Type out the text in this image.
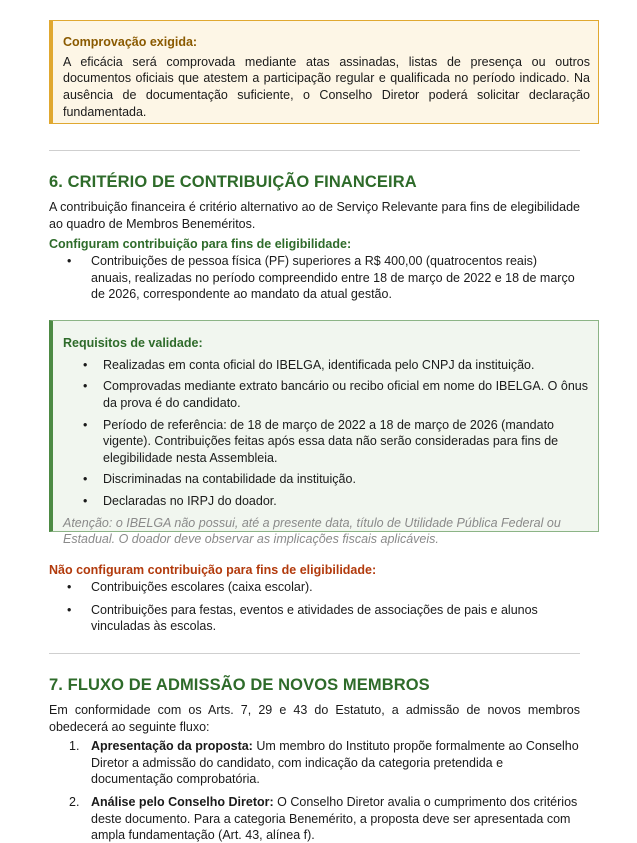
Comprovação exigida:
A eficácia será comprovada mediante atas assinadas, listas de presença ou outros documentos oficiais que atestem a participação regular e qualificada no período indicado. Na ausência de documentação suficiente, o Conselho Diretor poderá solicitar declaração fundamentada.
6. CRITÉRIO DE CONTRIBUIÇÃO FINANCEIRA
A contribuição financeira é critério alternativo ao de Serviço Relevante para fins de elegibilidade ao quadro de Membros Beneméritos.
Configuram contribuição para fins de eligibilidade:
• Contribuições de pessoa física (PF) superiores a R$ 400,00 (quatrocentos reais) anuais, realizadas no período compreendido entre 18 de março de 2022 e 18 de março de 2026, correspondente ao mandato da atual gestão.
Requisitos de validade:
• Realizadas em conta oficial do IBELGA, identificada pelo CNPJ da instituição.
• Comprovadas mediante extrato bancário ou recibo oficial em nome do IBELGA. O ônus da prova é do candidato.
• Período de referência: de 18 de março de 2022 a 18 de março de 2026 (mandato vigente). Contribuições feitas após essa data não serão consideradas para fins de elegibilidade nesta Assembleia.
• Discriminadas na contabilidade da instituição.
• Declaradas no IRPJ do doador.
Atenção: o IBELGA não possui, até a presente data, título de Utilidade Pública Federal ou Estadual. O doador deve observar as implicações fiscais aplicáveis.
Não configuram contribuição para fins de eligibilidade:
• Contribuições escolares (caixa escolar).
• Contribuições para festas, eventos e atividades de associações de pais e alunos vinculadas às escolas.
7. FLUXO DE ADMISSÃO DE NOVOS MEMBROS
Em conformidade com os Arts. 7, 29 e 43 do Estatuto, a admissão de novos membros obedecerá ao seguinte fluxo:
1. Apresentação da proposta: Um membro do Instituto propõe formalmente ao Conselho Diretor a admissão do candidato, com indicação da categoria pretendida e documentação comprobatória.
2. Análise pelo Conselho Diretor: O Conselho Diretor avalia o cumprimento dos critérios deste documento. Para a categoria Benemérito, a proposta deve ser apresentada com ampla fundamentação (Art. 43, alínea f).
